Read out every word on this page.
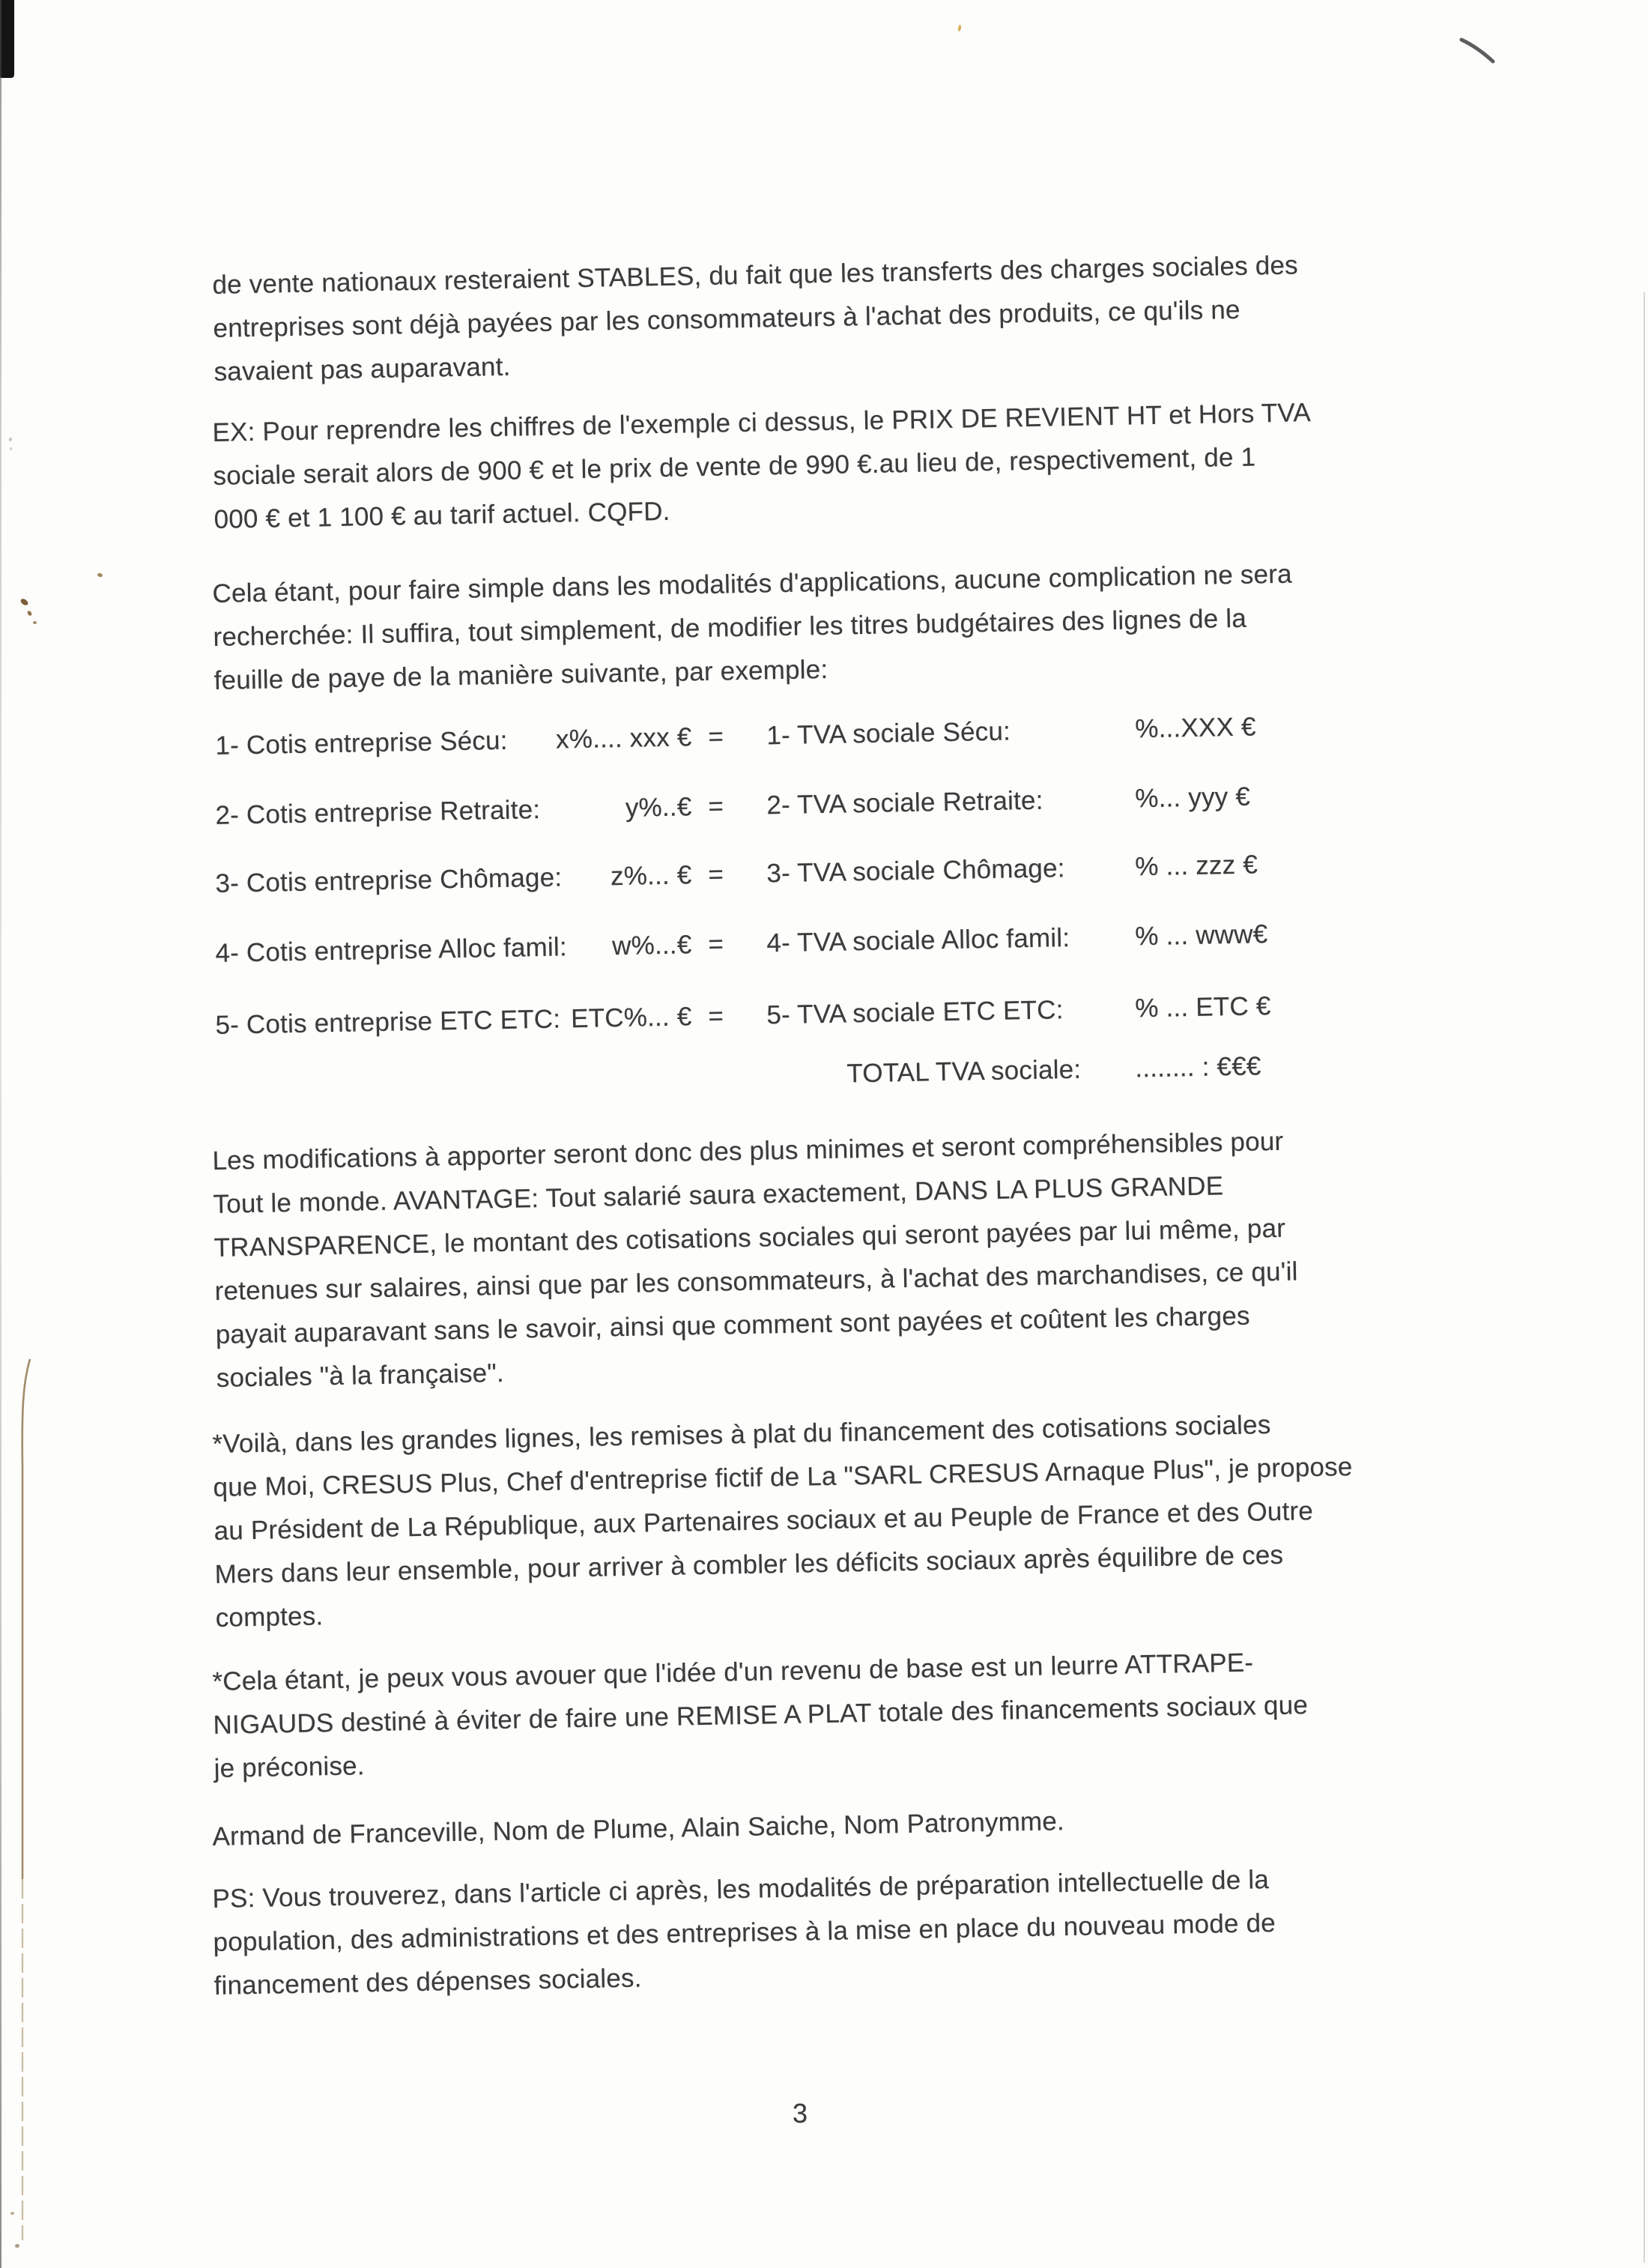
de vente nationaux resteraient STABLES, du fait que les transferts des charges sociales des
entreprises sont déjà payées par les consommateurs à l'achat des produits, ce qu'ils ne
savaient pas auparavant.
EX: Pour reprendre les chiffres de l'exemple ci dessus, le PRIX DE REVIENT HT et Hors TVA
sociale serait alors de 900 € et le prix de vente de 990 €.au lieu de, respectivement, de 1
000 € et 1 100 € au tarif actuel. CQFD.
Cela étant, pour faire simple dans les modalités d'applications, aucune complication ne sera
recherchée: Il suffira, tout simplement, de modifier les titres budgétaires des lignes de la
feuille de paye de la manière suivante, par exemple:
1- Cotis entreprise Sécu:	x%.... xxx € = 1- TVA sociale Sécu:	%...XXX €
2- Cotis entreprise Retraite:	y%..€ = 2- TVA sociale Retraite:	%... yyy €
3- Cotis entreprise Chômage:	z%... € = 3- TVA sociale Chômage:	% ... zzz €
4- Cotis entreprise Alloc famil:	w%...€ = 4- TVA sociale Alloc famil: % ... www€
5- Cotis entreprise ETC ETC: ETC%... € = 5- TVA sociale ETC ETC:	% ... ETC €
TOTAL TVA sociale: ........ : €€€
Les modifications à apporter seront donc des plus minimes et seront compréhensibles pour
Tout le monde. AVANTAGE: Tout salarié saura exactement, DANS LA PLUS GRANDE
TRANSPARENCE, le montant des cotisations sociales qui seront payées par lui même, par
retenues sur salaires, ainsi que par les consommateurs, à l'achat des marchandises, ce qu'il
payait auparavant sans le savoir, ainsi que comment sont payées et coûtent les charges
sociales "à la française".
*Voilà, dans les grandes lignes, les remises à plat du financement des cotisations sociales
que Moi, CRESUS Plus, Chef d'entreprise fictif de La "SARL CRESUS Arnaque Plus", je propose
au Président de La République, aux Partenaires sociaux et au Peuple de France et des Outre
Mers dans leur ensemble, pour arriver à combler les déficits sociaux après équilibre de ces
comptes.
*Cela étant, je peux vous avouer que l'idée d'un revenu de base est un leurre ATTRAPE-
NIGAUDS destiné à éviter de faire une REMISE A PLAT totale des financements sociaux que
je préconise.
Armand de Franceville, Nom de Plume, Alain Saiche, Nom Patronymme.
PS: Vous trouverez, dans l'article ci après, les modalités de préparation intellectuelle de la
population, des administrations et des entreprises à la mise en place du nouveau mode de
financement des dépenses sociales.
3
